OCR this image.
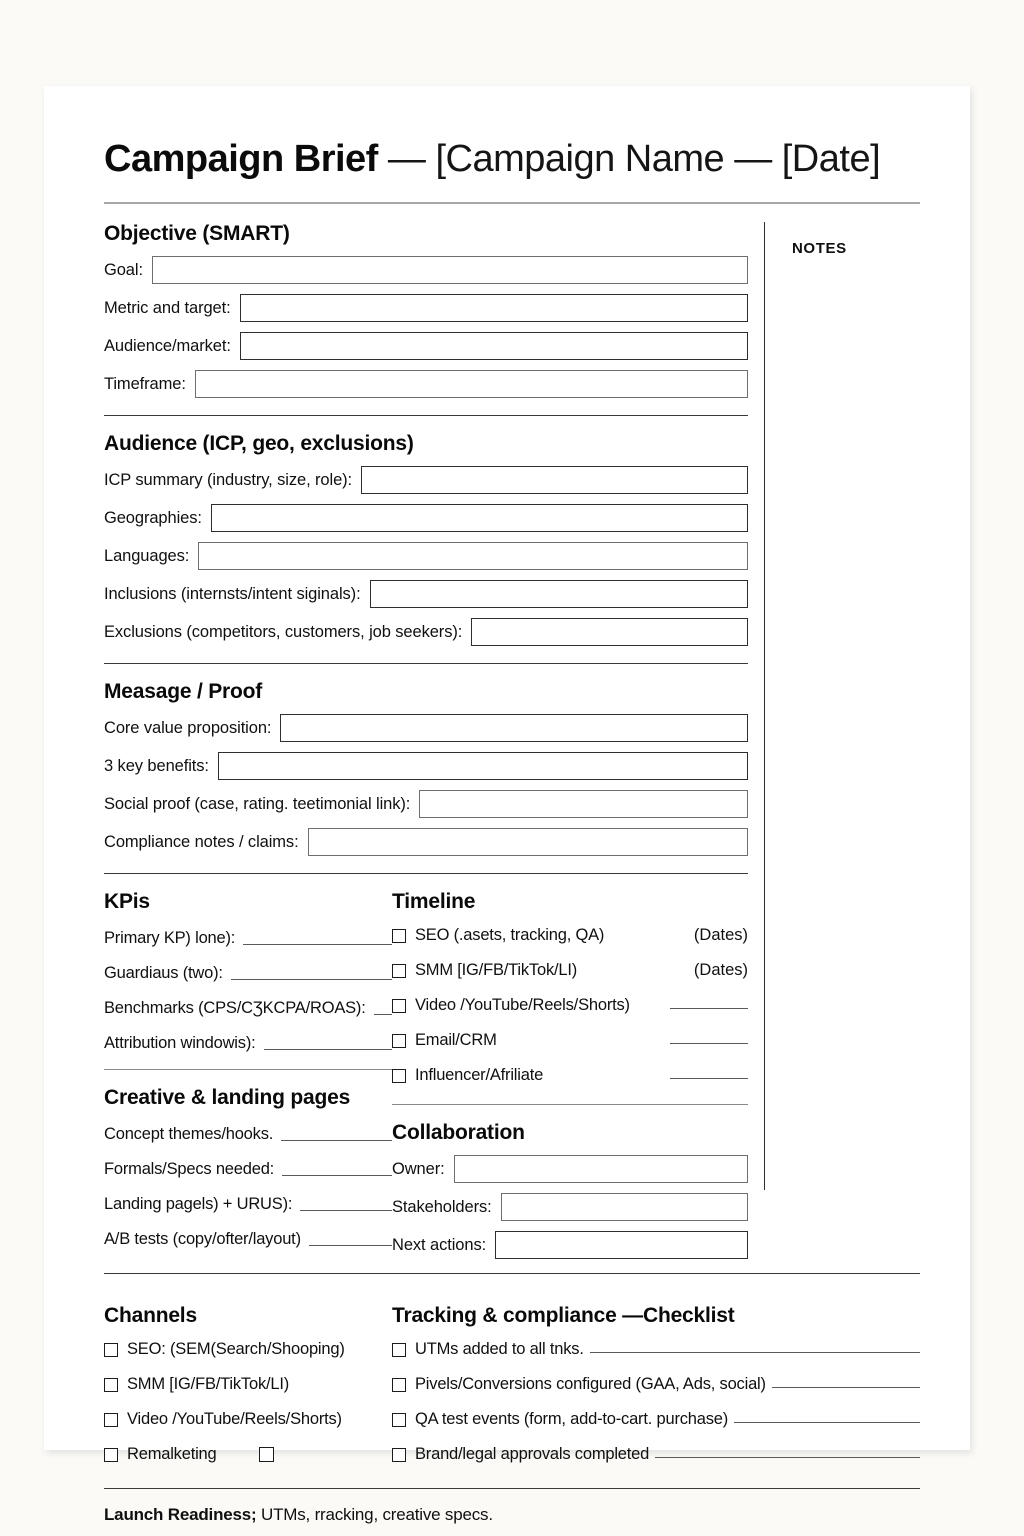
Campaign Brief — [Campaign Name — [Date]
NOTES
Objective (SMART)
Goal:
Metric and target:
Audience/market:
Timeframe:
Audience (ICP, geo, exclusions)
ICP summary (industry, size, role):
Geographies:
Languages:
Inclusions (internsts/intent siginals):
Exclusions (competitors, customers, job seekers):
Measage / Proof
Core value proposition:
3 key benefits:
Social proof (case, rating. teetimonial link):
Compliance notes / claims:
KPis
Primary KP) lone):
Guardiaus (two):
Benchmarks (CPS/CƷKCPA/ROAS):
Attribution windowis):
Creative & landing pages
Concept themes/hooks.
Formals/Specs needed:
Landing pagels) + URUS):
A/B tests (copy/ofter/layout)
Timeline
SEO (.asets, tracking, QA)	(Dates)
SMM [IG/FB/TikTok/LI)	(Dates)
Video /YouTube/Reels/Shorts)
Email/CRM
Influencer/Afriliate
Collaboration
Owner:
Stakeholders:
Next actions:
Channels
SEO: (SEM(Search/Shooping)
SMM [IG/FB/TikTok/LI)
Video /YouTube/Reels/Shorts)
Remalketing
Tracking & compliance —Checklist
UTMs added to all tnks.
Pivels/Conversions configured (GAA, Ads, social)
QA test events (form, add-to-cart. purchase)
Brand/legal approvals completed
Launch Readiness; UTMs, rracking, creative specs.
